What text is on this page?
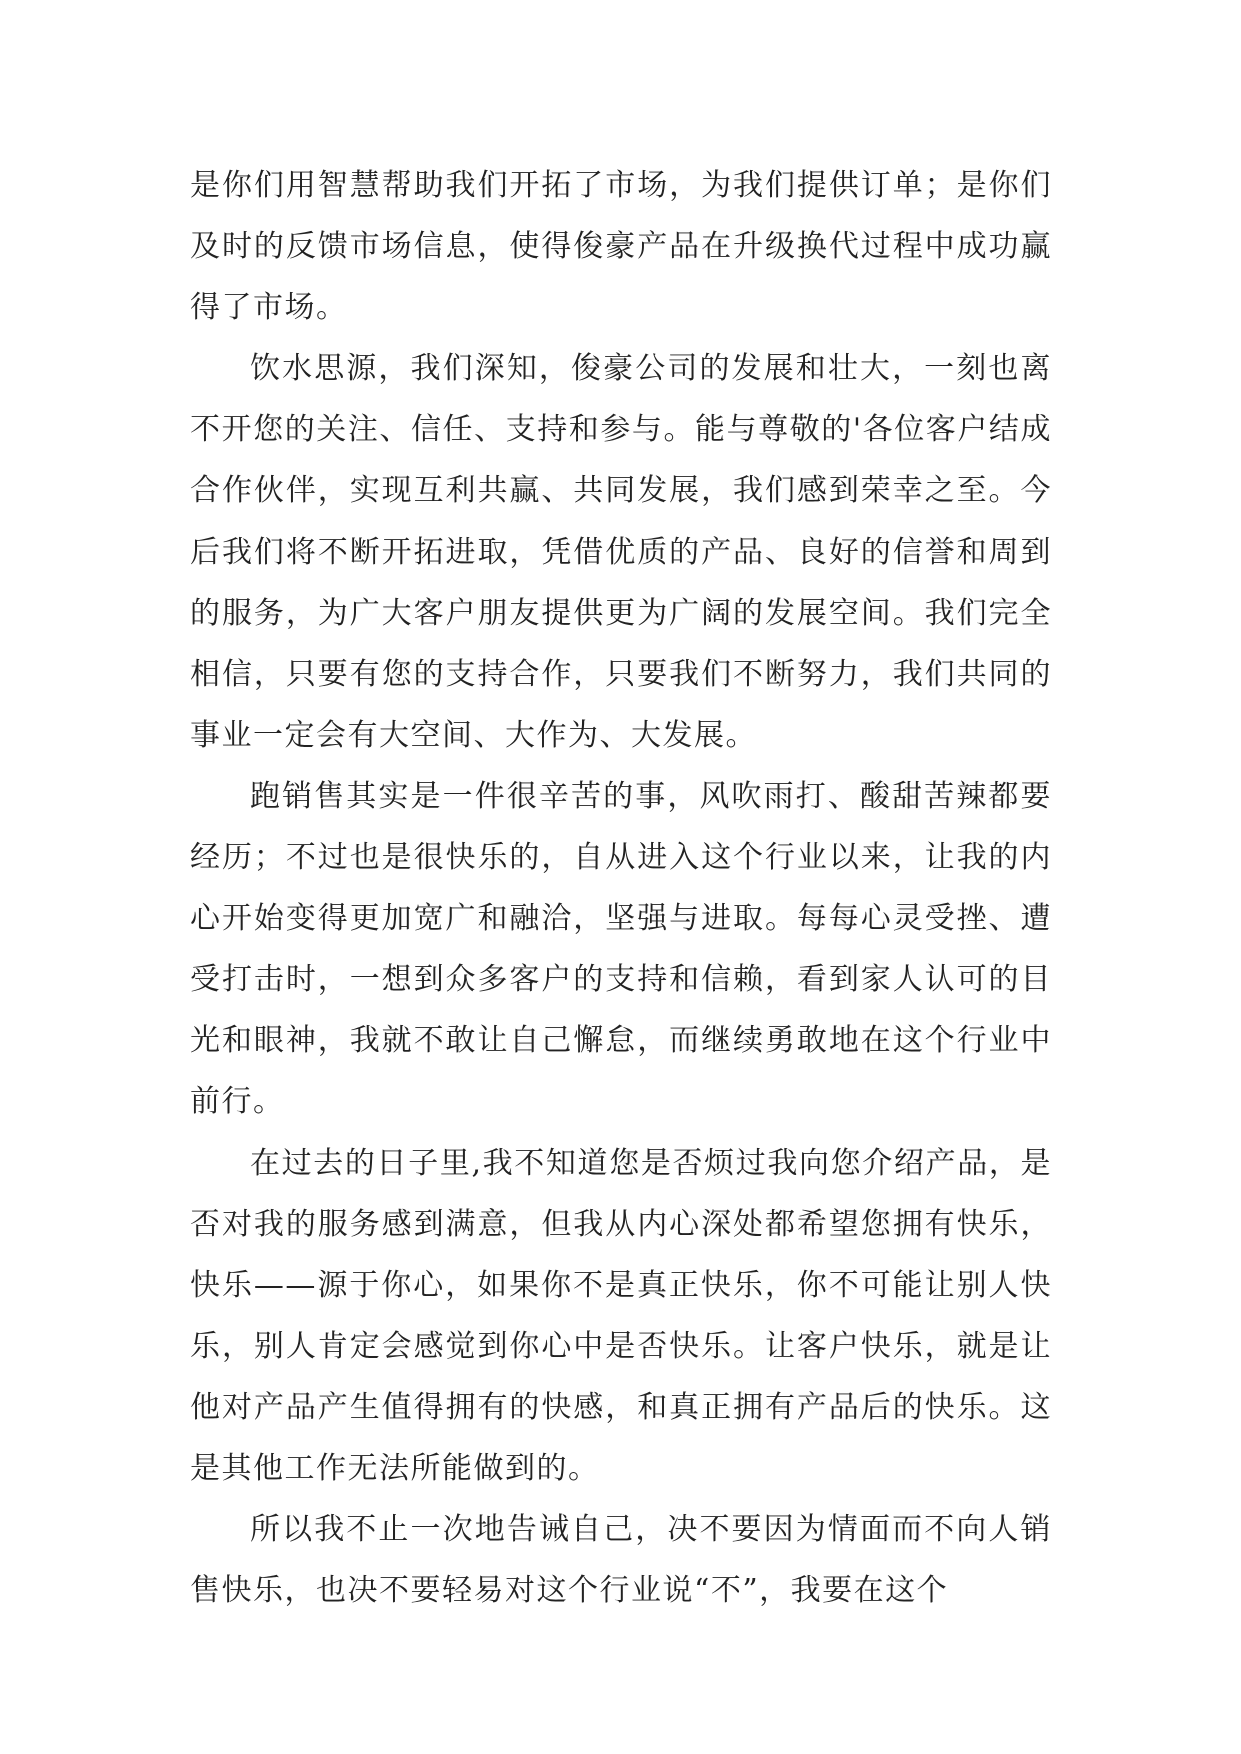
是你们用智慧帮助我们开拓了市场，为我们提供订单；是你们及时的反馈市场信息，使得俊豪产品在升级换代过程中成功赢得了市场。

饮水思源，我们深知，俊豪公司的发展和壮大，一刻也离不开您的关注、信任、支持和参与。能与尊敬的'各位客户结成合作伙伴，实现互利共赢、共同发展，我们感到荣幸之至。今后我们将不断开拓进取，凭借优质的产品、良好的信誉和周到的服务，为广大客户朋友提供更为广阔的发展空间。我们完全相信，只要有您的支持合作，只要我们不断努力，我们共同的事业一定会有大空间、大作为、大发展。

跑销售其实是一件很辛苦的事，风吹雨打、酸甜苦辣都要经历；不过也是很快乐的，自从进入这个行业以来，让我的内心开始变得更加宽广和融洽，坚强与进取。每每心灵受挫、遭受打击时，一想到众多客户的支持和信赖，看到家人认可的目光和眼神，我就不敢让自己懈怠，而继续勇敢地在这个行业中前行。

在过去的日子里,我不知道您是否烦过我向您介绍产品，是否对我的服务感到满意，但我从内心深处都希望您拥有快乐，快乐——源于你心，如果你不是真正快乐，你不可能让别人快乐，别人肯定会感觉到你心中是否快乐。让客户快乐，就是让他对产品产生值得拥有的快感，和真正拥有产品后的快乐。这是其他工作无法所能做到的。

所以我不止一次地告诫自己，决不要因为情面而不向人销售快乐，也决不要轻易对这个行业说“不”，我要在这个
